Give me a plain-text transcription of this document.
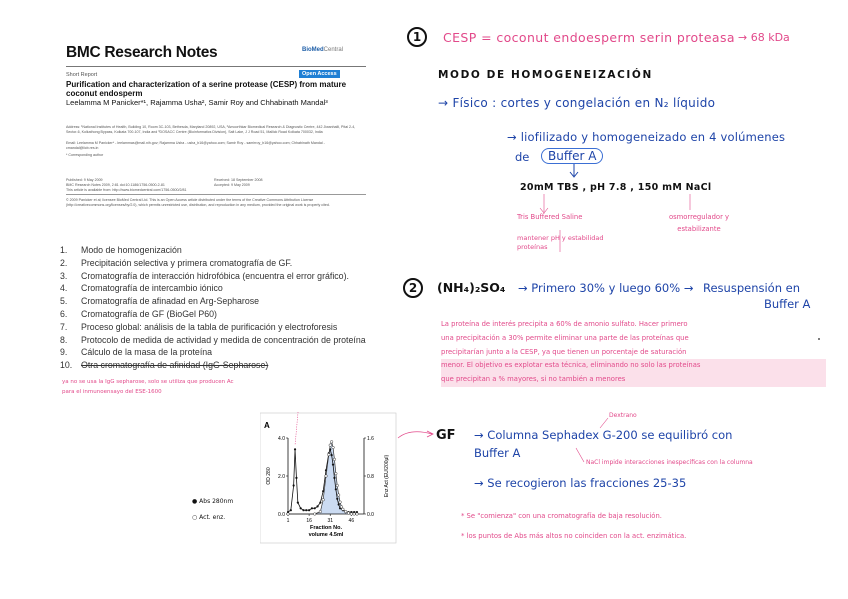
BMC Research Notes	BioMedCentral
Short Report	Open Access
Purification and characterization of a serine protease (CESP) from mature coconut endosperm
Leelamma M Panicker*¹, Rajamma Usha², Samir Roy and Chhabinath Mandal³
Address: ¹National Institutes of Health, Building 10, Room 3C-103, Bethesda, Maryland 20892, USA, ²Amoorthkar Biomedical Research & Diagnostic Centre, 442 Jiwanhalli, Pitai 2-4, Sector-6, Kolkathong Bypass, Kolkata 700-107, India and ³DOSACC Centre (Bioinformatics Division), Salt Lake, J J Road 51, Mallick Road Kolkata 700032, India
Email: Leelamma M Panicker* - leelammas@mail.nih.gov; Rajamma Usha - usha_b16@yahoo.com; Samir Roy - samirroy_b16@yahoo.com; Chhabinath Mandal - cmandal@iicb.res.in
* Corresponding author
Published: 9 May 2009
BMC Research Notes 2009, 2:81 doi:10.1186/1756-0500-2-81
This article is available from: http://www.biomedcentral.com/1756-0500/2/81
Received: 18 September 2008
Accepted: 9 May 2009
© 2009 Panicker et al; licensee BioMed Central Ltd. This is an Open Access article distributed under the terms of the Creative Commons Attribution License (http://creativecommons.org/licenses/by/2.0), which permits unrestricted use, distribution, and reproduction in any medium, provided the original work is properly cited.
1. Modo de homogenización
2. Precipitación selectiva y primera cromatografía de GF.
3. Cromatografía de interacción hidrofóbica (encuentra el error gráfico).
4. Cromatografía de intercambio iónico
5. Cromatografía de afinadad en Arg-Sepharose
6. Cromatografía de GF (BioGel P60)
7. Proceso global: análisis de la tabla de purificación y electroforesis
8. Protocolo de medida de actividad y medida de concentración de proteína
9. Cálculo de la masa de la proteína
10. Otra cromatografía de afinidad (IgG-Sepharose)
ya no se usa la IgG sepharose, solo se utiliza que producen Ac para el inmunoensayo del ESE-1600
A
0.0
2.0
4.0
0.0
0.8
1.6
1	16	31	46
Fraction No.
volume 4.5ml
OD 280	Enz Act (EU/200μl)
● Abs 280nm
○ Act. enz.
1	CESP = coconut endoesperm serin proteasa → 68 kDa
MODO DE HOMOGENEIZACIÓN
→ Físico : cortes y congelación en N₂ líquido
→ liofilizado y homogeneizado en 4 volúmenes
de	Buffer A
20mM TBS , pH 7.8 , 150 mM NaCl
Tris Buffered Saline
mantener pH y estabilidad proteínas
osmorregulador y estabilizante
2	(NH₄)₂SO₄ → Primero 30% y luego 60% → Resuspensión en
Buffer A
La proteína de interés precipita a 60% de amonio sulfato. Hacer primero
una precipitación a 30% permite eliminar una parte de las proteínas que
precipitarían junto a la CESP, ya que tienen un porcentaje de saturación
menor. El objetivo es explotar esta técnica, eliminando no solo las proteínas
que precipitan a % mayores, si no también a menores
GF → Columna Sephadex G-200 se equilibró con
Buffer A
Dextrano
NaCl impide interacciones inespecíficas con la columna
→ Se recogieron las fracciones 25-35
* Se "comienza" con una cromatografía de baja resolución.
* los puntos de Abs más altos no coinciden con la act. enzimática.
